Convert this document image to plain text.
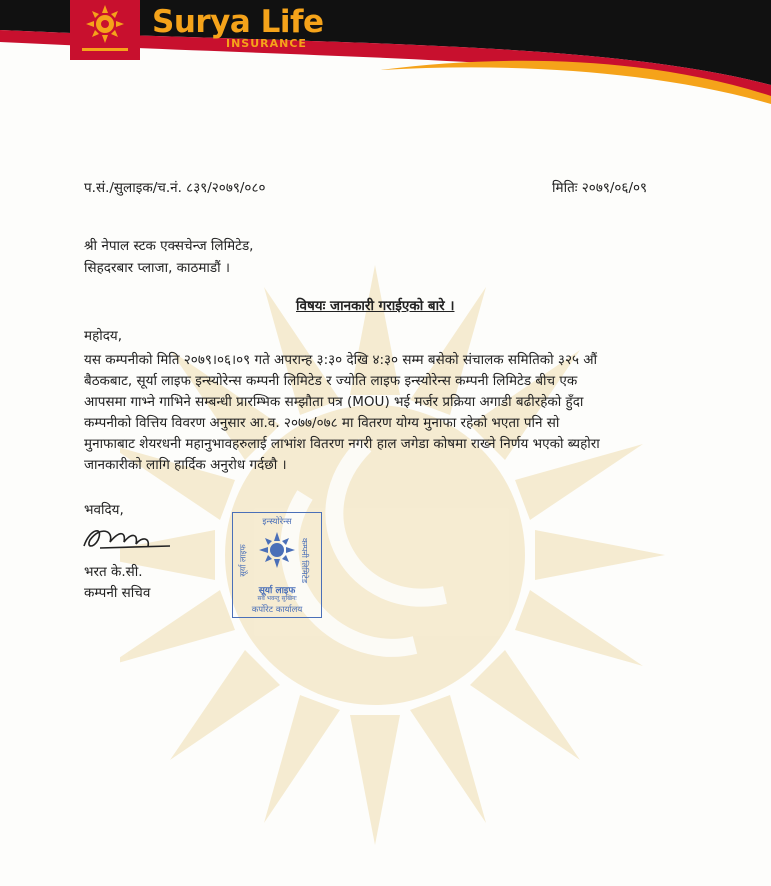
Surya Life
INSURANCE
प.सं./सुलाइक/च.नं. ८३९/२०७९/०८०	मितिः २०७९/०६/०९
श्री नेपाल स्टक एक्सचेन्ज लिमिटेड,
सिहदरबार प्लाजा, काठमाडौं ।
विषयः जानकारी गराईएको बारे ।
महोदय,
यस कम्पनीको मिति २०७९।०६।०९ गते अपरान्ह ३:३० देखि ४:३० सम्म बसेको संचालक समितिको ३२५ औं
बैठकबाट, सूर्या लाइफ इन्स्योरेन्स कम्पनी लिमिटेड र ज्योति लाइफ इन्स्योरेन्स कम्पनी लिमिटेड बीच एक
आपसमा गाभ्ने गाभिने सम्बन्धी प्रारम्भिक सम्झौता पत्र (MOU) भई मर्जर प्रक्रिया अगाडी बढीरहेको हुँदा
कम्पनीको वित्तिय विवरण अनुसार आ.व. २०७७/०७८ मा वितरण योग्य मुनाफा रहेको भएता पनि सो
मुनाफाबाट शेयरधनी महानुभावहरुलाई लाभांश वितरण नगरी हाल जगेडा कोषमा राख्ने निर्णय भएको ब्यहोरा
जानकारीको लागि हार्दिक अनुरोध गर्दछौ ।
भवदिय,
भरत के.सी.
कम्पनी सचिव
इन्स्योरेन्स
सूर्या लाइफ	कम्पनी लिमिटेड
सूर्या लाइफ
सर्वे भवन्तु सुखिनः
कर्पोरेट कार्यालय
